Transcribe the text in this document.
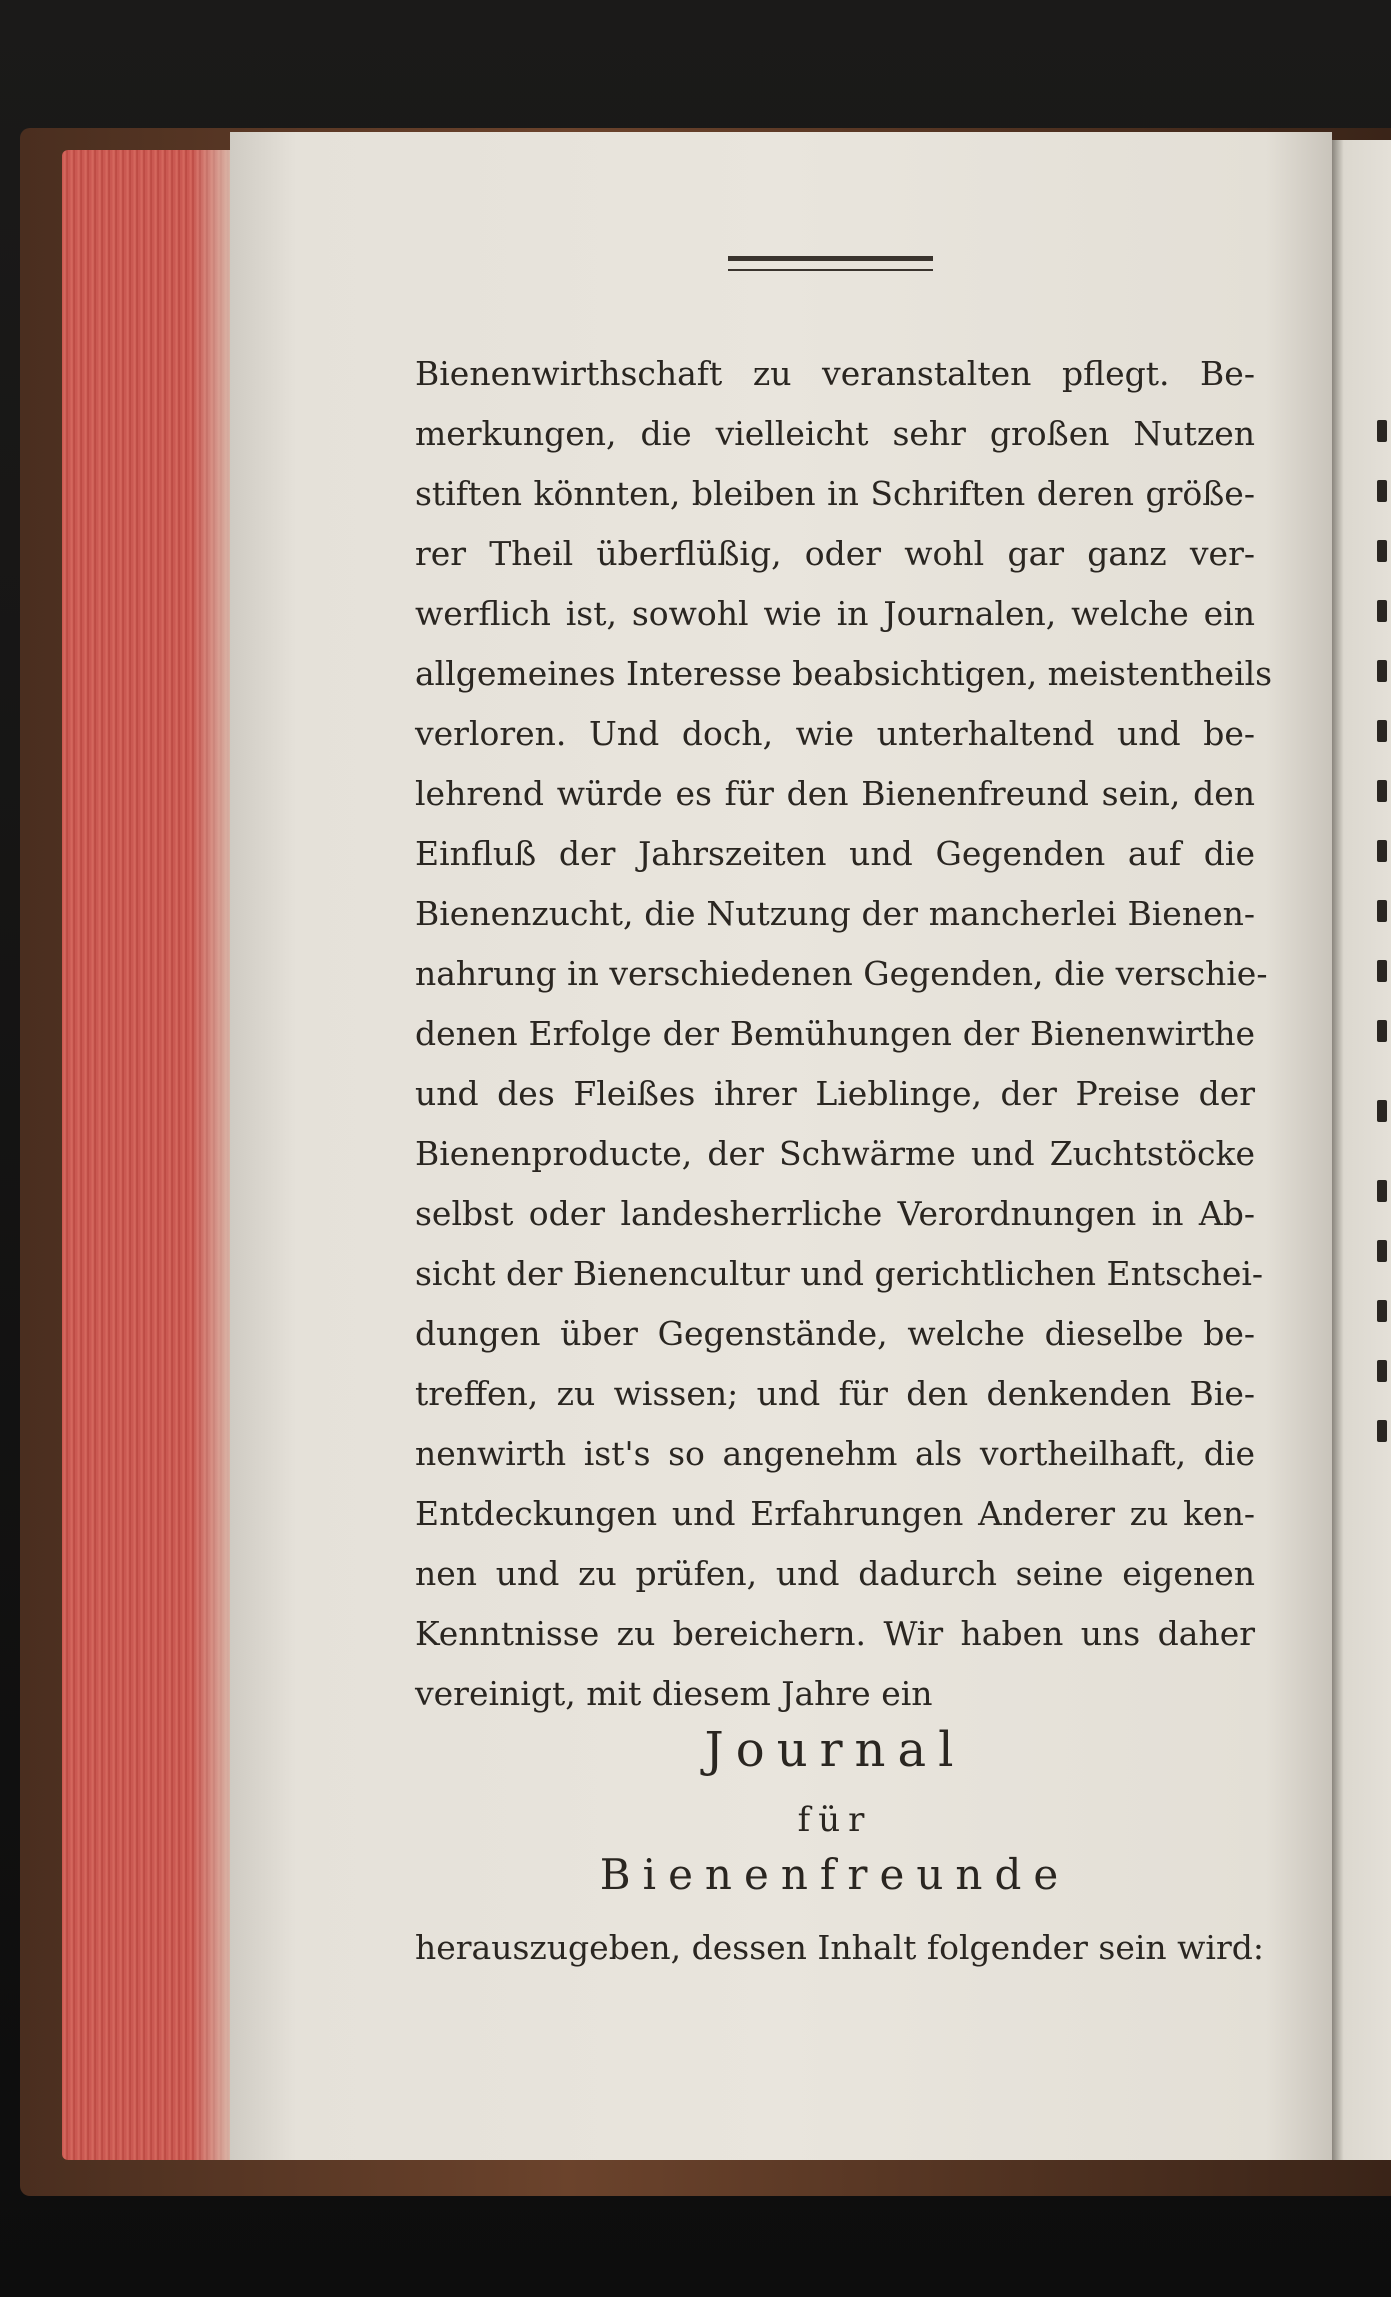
Bienenwirthschaft zu veranstalten pflegt. Be-
merkungen, die vielleicht sehr großen Nutzen
stiften könnten, bleiben in Schriften deren größe-
rer Theil überflüßig, oder wohl gar ganz ver-
werflich ist, sowohl wie in Journalen, welche ein
allgemeines Interesse beabsichtigen, meistentheils
verloren. Und doch, wie unterhaltend und be-
lehrend würde es für den Bienenfreund sein, den
Einfluß der Jahrszeiten und Gegenden auf die
Bienenzucht, die Nutzung der mancherlei Bienen-
nahrung in verschiedenen Gegenden, die verschie-
denen Erfolge der Bemühungen der Bienenwirthe
und des Fleißes ihrer Lieblinge, der Preise der
Bienenproducte, der Schwärme und Zuchtstöcke
selbst oder landesherrliche Verordnungen in Ab-
sicht der Bienencultur und gerichtlichen Entschei-
dungen über Gegenstände, welche dieselbe be-
treffen, zu wissen; und für den denkenden Bie-
nenwirth ist's so angenehm als vortheilhaft, die
Entdeckungen und Erfahrungen Anderer zu ken-
nen und zu prüfen, und dadurch seine eigenen
Kenntnisse zu bereichern. Wir haben uns daher
vereinigt, mit diesem Jahre ein
Journal
für
Bienenfreunde
herauszugeben, dessen Inhalt folgender sein wird:
